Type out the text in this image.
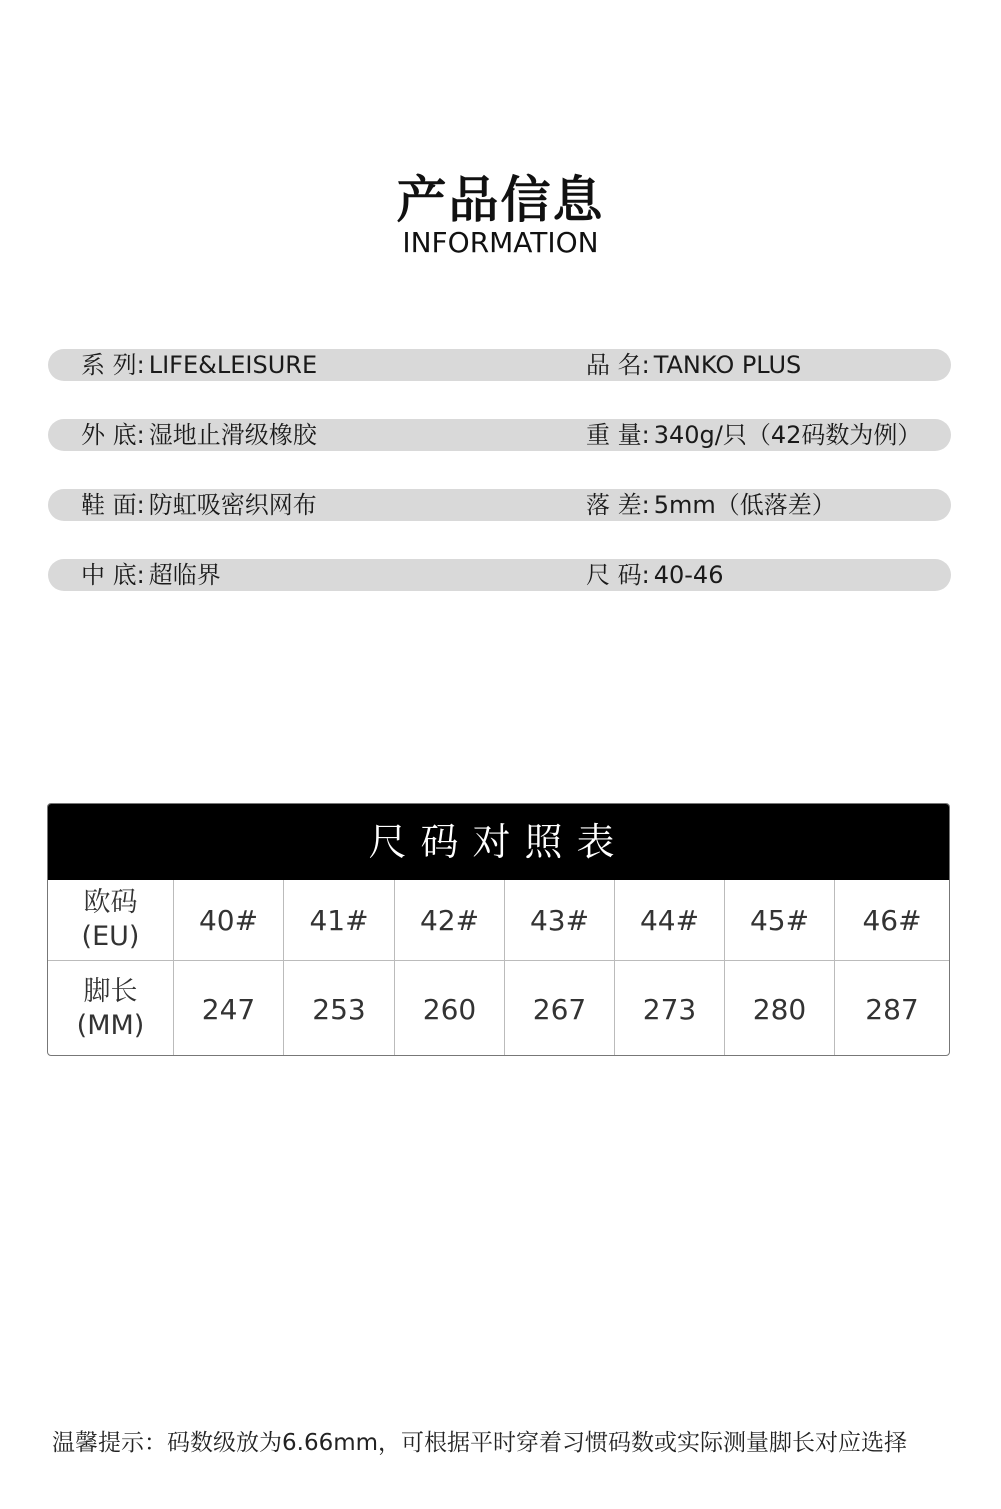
产品信息
INFORMATION
系 列: LIFE&LEISURE	品 名: TANKO PLUS
外 底: 湿地止滑级橡胶	重 量: 340g/只（42码数为例）
鞋 面: 防虹吸密织网布	落 差: 5mm（低落差）
中 底: 超临界	尺 码: 40-46
尺码对照表
欧码
(EU)	40#	41#	42#	43#	44#	45#	46#
脚长
(MM)	247	253	260	267	273	280	287
温馨提示：码数级放为6.66mm，可根据平时穿着习惯码数或实际测量脚长对应选择
